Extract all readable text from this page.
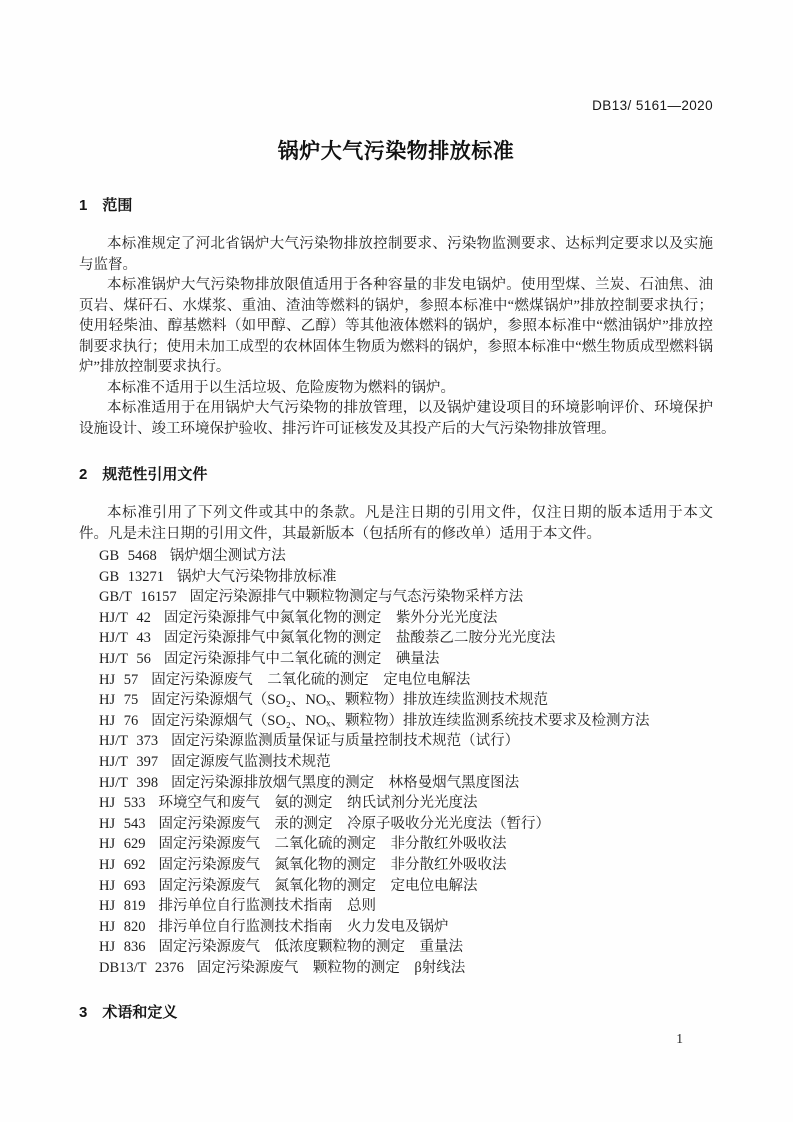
DB13/ 5161—2020
锅炉大气污染物排放标准
1　范围

本标准规定了河北省锅炉大气污染物排放控制要求、污染物监测要求、达标判定要求以及实施与监督。

本标准锅炉大气污染物排放限值适用于各种容量的非发电锅炉。使用型煤、兰炭、石油焦、油页岩、煤矸石、水煤浆、重油、渣油等燃料的锅炉，参照本标准中“燃煤锅炉”排放控制要求执行；使用轻柴油、醇基燃料（如甲醇、乙醇）等其他液体燃料的锅炉，参照本标准中“燃油锅炉”排放控制要求执行；使用未加工成型的农林固体生物质为燃料的锅炉，参照本标准中“燃生物质成型燃料锅炉”排放控制要求执行。

本标准不适用于以生活垃圾、危险废物为燃料的锅炉。

本标准适用于在用锅炉大气污染物的排放管理，以及锅炉建设项目的环境影响评价、环境保护设施设计、竣工环境保护验收、排污许可证核发及其投产后的大气污染物排放管理。

2　规范性引用文件

本标准引用了下列文件或其中的条款。凡是注日期的引用文件，仅注日期的版本适用于本文件。凡是未注日期的引用文件，其最新版本（包括所有的修改单）适用于本文件。

GB 5468 锅炉烟尘测试方法
GB 13271 锅炉大气污染物排放标准
GB/T 16157 固定污染源排气中颗粒物测定与气态污染物采样方法
HJ/T 42 固定污染源排气中氮氧化物的测定　紫外分光光度法
HJ/T 43 固定污染源排气中氮氧化物的测定　盐酸萘乙二胺分光光度法
HJ/T 56 固定污染源排气中二氧化硫的测定　碘量法
HJ 57 固定污染源废气　二氧化硫的测定　定电位电解法
HJ 75 固定污染源烟气（SO₂、NOₓ、颗粒物）排放连续监测技术规范
HJ 76 固定污染源烟气（SO₂、NOₓ、颗粒物）排放连续监测系统技术要求及检测方法
HJ/T 373 固定污染源监测质量保证与质量控制技术规范（试行）
HJ/T 397 固定源废气监测技术规范
HJ/T 398 固定污染源排放烟气黑度的测定　林格曼烟气黑度图法
HJ 533 环境空气和废气　氨的测定　纳氏试剂分光光度法
HJ 543 固定污染源废气　汞的测定　冷原子吸收分光光度法（暂行）
HJ 629 固定污染源废气　二氧化硫的测定　非分散红外吸收法
HJ 692 固定污染源废气　氮氧化物的测定　非分散红外吸收法
HJ 693 固定污染源废气　氮氧化物的测定　定电位电解法
HJ 819 排污单位自行监测技术指南　总则
HJ 820 排污单位自行监测技术指南　火力发电及锅炉
HJ 836 固定污染源废气　低浓度颗粒物的测定　重量法
DB13/T 2376 固定污染源废气　颗粒物的测定　β射线法
3　术语和定义
1
